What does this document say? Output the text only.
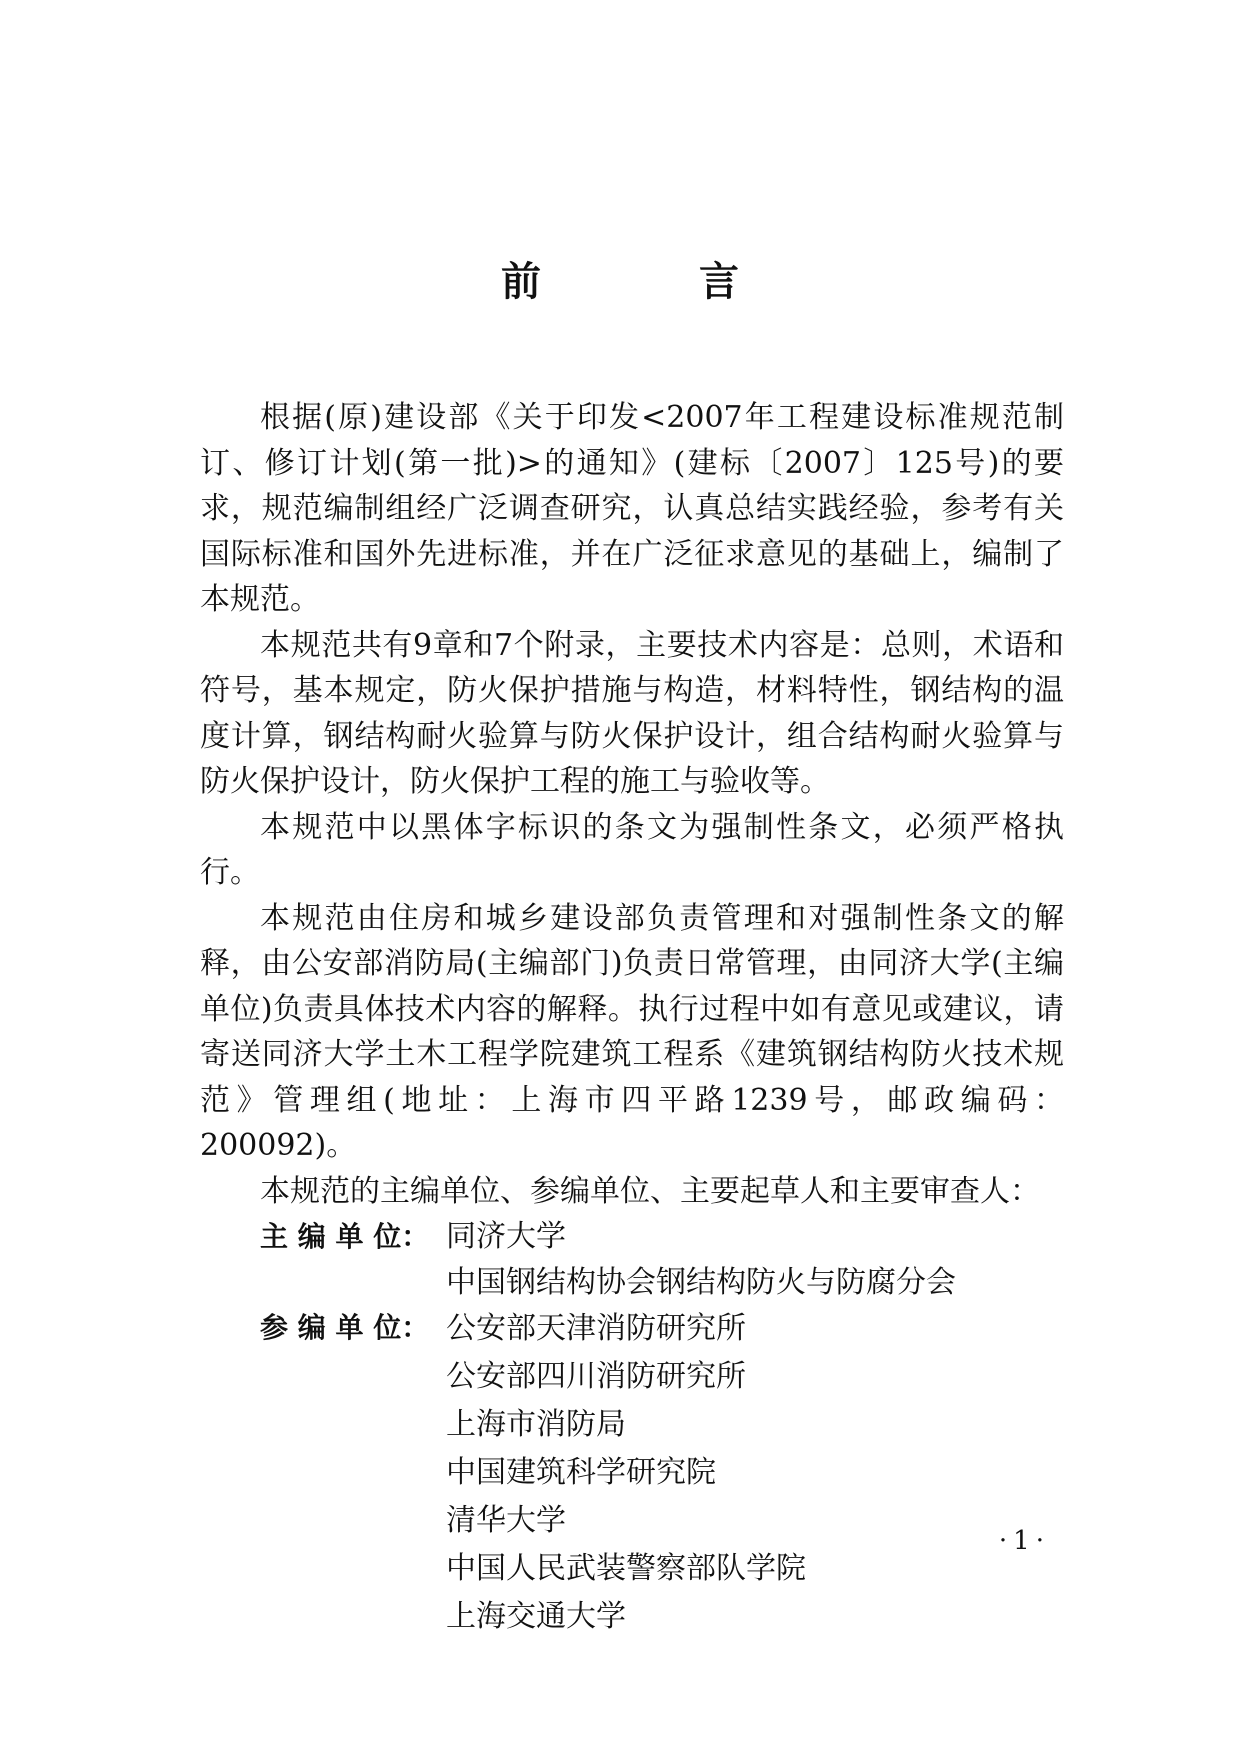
前 言

根据(原)建设部《关于印发<2007年工程建设标准规范制订、修订计划(第一批)>的通知》(建标〔2007〕125号)的要求，规范编制组经广泛调查研究，认真总结实践经验，参考有关国际标准和国外先进标准，并在广泛征求意见的基础上，编制了本规范。

本规范共有9章和7个附录，主要技术内容是：总则，术语和符号，基本规定，防火保护措施与构造，材料特性，钢结构的温度计算，钢结构耐火验算与防火保护设计，组合结构耐火验算与防火保护设计，防火保护工程的施工与验收等。

本规范中以黑体字标识的条文为强制性条文，必须严格执行。

本规范由住房和城乡建设部负责管理和对强制性条文的解释，由公安部消防局(主编部门)负责日常管理，由同济大学(主编单位)负责具体技术内容的解释。执行过程中如有意见或建议，请寄送同济大学土木工程学院建筑工程系《建筑钢结构防火技术规范》管理组(地址：上海市四平路1239号，邮政编码：200092)。

本规范的主编单位、参编单位、主要起草人和主要审查人：

主 编 单 位： 同济大学
中国钢结构协会钢结构防火与防腐分会
参 编 单 位： 公安部天津消防研究所
公安部四川消防研究所
上海市消防局
中国建筑科学研究院
清华大学
中国人民武装警察部队学院
上海交通大学
·1·
